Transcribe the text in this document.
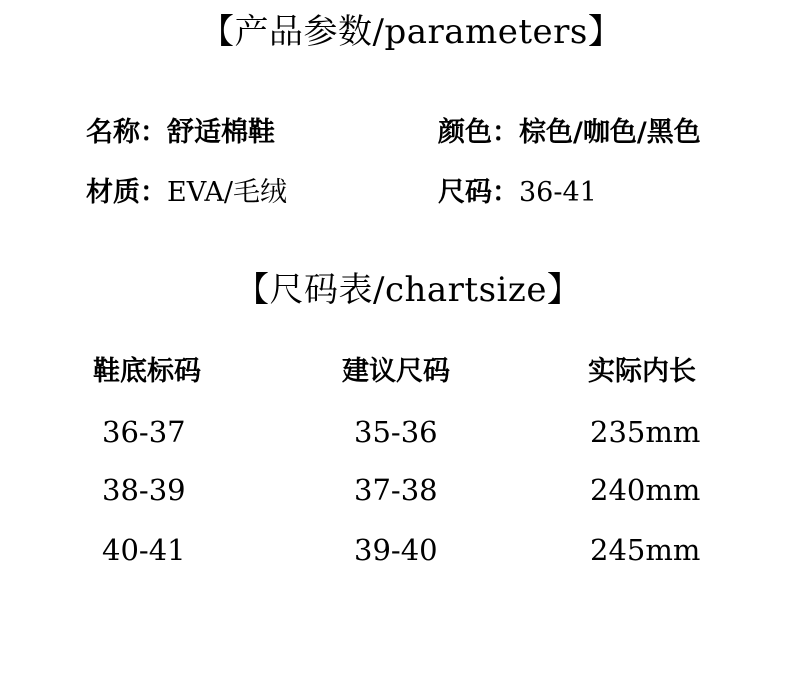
【产品参数/parameters】
名称：舒适棉鞋	颜色：棕色/咖色/黑色
材质：EVA/毛绒	尺码：36-41
【尺码表/chartsize】
鞋底标码	建议尺码	实际内长
36-37	35-36	235mm
38-39	37-38	240mm
40-41	39-40	245mm
